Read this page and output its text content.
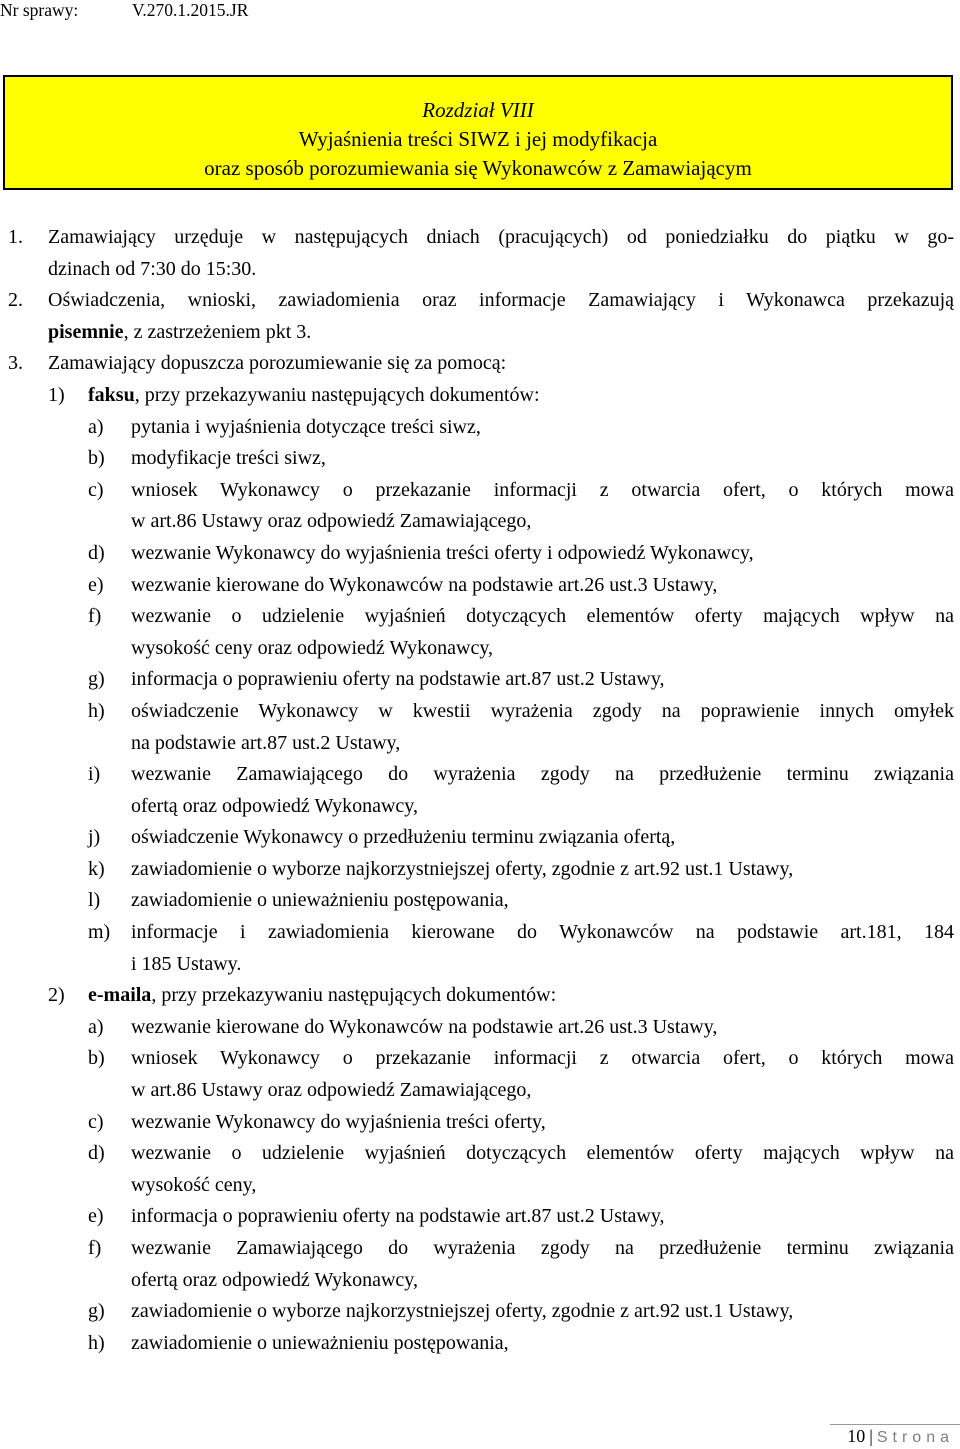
Nr sprawy:	V.270.1.2015.JR
Rozdział VIII
Wyjaśnienia treści SIWZ i jej modyfikacja
oraz sposób porozumiewania się Wykonawców z Zamawiającym
1. Zamawiający urzęduje w następujących dniach (pracujących) od poniedziałku do piątku w go-
dzinach od 7:30 do 15:30.
2. Oświadczenia, wnioski, zawiadomienia oraz informacje Zamawiający i Wykonawca przekazują
pisemnie, z zastrzeżeniem pkt 3.
3. Zamawiający dopuszcza porozumiewanie się za pomocą:
1) faksu, przy przekazywaniu następujących dokumentów:
a) pytania i wyjaśnienia dotyczące treści siwz,
b) modyfikacje treści siwz,
c) wniosek Wykonawcy o przekazanie informacji z otwarcia ofert, o których mowa
w art.86 Ustawy oraz odpowiedź Zamawiającego,
d) wezwanie Wykonawcy do wyjaśnienia treści oferty i odpowiedź Wykonawcy,
e) wezwanie kierowane do Wykonawców na podstawie art.26 ust.3 Ustawy,
f) wezwanie o udzielenie wyjaśnień dotyczących elementów oferty mających wpływ na
wysokość ceny oraz odpowiedź Wykonawcy,
g) informacja o poprawieniu oferty na podstawie art.87 ust.2 Ustawy,
h) oświadczenie Wykonawcy w kwestii wyrażenia zgody na poprawienie innych omyłek
na podstawie art.87 ust.2 Ustawy,
i) wezwanie Zamawiającego do wyrażenia zgody na przedłużenie terminu związania
ofertą oraz odpowiedź Wykonawcy,
j) oświadczenie Wykonawcy o przedłużeniu terminu związania ofertą,
k) zawiadomienie o wyborze najkorzystniejszej oferty, zgodnie z art.92 ust.1 Ustawy,
l) zawiadomienie o unieważnieniu postępowania,
m) informacje i zawiadomienia kierowane do Wykonawców na podstawie art.181, 184
i 185 Ustawy.
2) e-maila, przy przekazywaniu następujących dokumentów:
a) wezwanie kierowane do Wykonawców na podstawie art.26 ust.3 Ustawy,
b) wniosek Wykonawcy o przekazanie informacji z otwarcia ofert, o których mowa
w art.86 Ustawy oraz odpowiedź Zamawiającego,
c) wezwanie Wykonawcy do wyjaśnienia treści oferty,
d) wezwanie o udzielenie wyjaśnień dotyczących elementów oferty mających wpływ na
wysokość ceny,
e) informacja o poprawieniu oferty na podstawie art.87 ust.2 Ustawy,
f) wezwanie Zamawiającego do wyrażenia zgody na przedłużenie terminu związania
ofertą oraz odpowiedź Wykonawcy,
g) zawiadomienie o wyborze najkorzystniejszej oferty, zgodnie z art.92 ust.1 Ustawy,
h) zawiadomienie o unieważnieniu postępowania,
10 | Strona
